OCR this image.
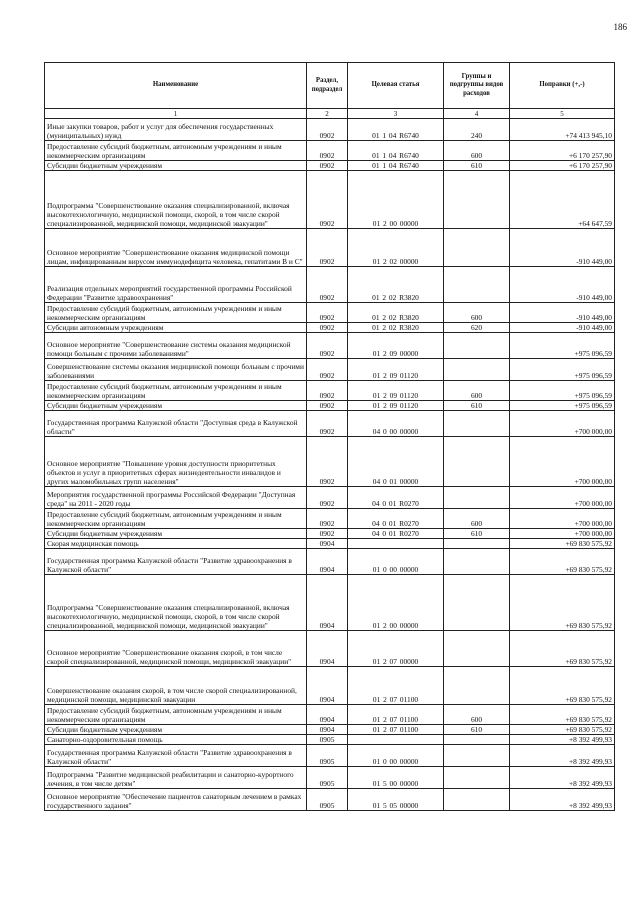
186
Наименование	Раздел, подраздел	Целевая статья	Группы и подгруппы видов расходов	Поправки (+,-)
1	2	3	4	5
Иные закупки товаров, работ и услуг для обеспечения государственных (муниципальных) нужд	0902	01 1 04 R6740	240	+74 413 945,10
Предоставление субсидий бюджетным, автономным учреждениям и иным некоммерческим организациям	0902	01 1 04 R6740	600	+6 170 257,90
Субсидии бюджетным учреждениям	0902	01 1 04 R6740	610	+6 170 257,90
Подпрограмма "Совершенствование оказания специализированной, включая высокотехнологичную, медицинской помощи, скорой, в том числе скорой специализированной, медицинской помощи, медицинской эвакуации"	0902	01 2 00 00000		+64 647,59
Основное мероприятие "Совершенствование оказания медицинской помощи лицам, инфицированным вирусом иммунодефицита человека, гепатитами B и C"	0902	01 2 02 00000		-910 449,00
Реализация отдельных мероприятий государственной программы Российской Федерации "Развитие здравоохранения"	0902	01 2 02 R3820		-910 449,00
Предоставление субсидий бюджетным, автономным учреждениям и иным некоммерческим организациям	0902	01 2 02 R3820	600	-910 449,00
Субсидии автономным учреждениям	0902	01 2 02 R3820	620	-910 449,00
Основное мероприятие "Совершенствование системы оказания медицинской помощи больным с прочими заболеваниями"	0902	01 2 09 00000		+975 096,59
Совершенствование системы оказания медицинской помощи больным с прочими заболеваниями	0902	01 2 09 01120		+975 096,59
Предоставление субсидий бюджетным, автономным учреждениям и иным некоммерческим организациям	0902	01 2 09 01120	600	+975 096,59
Субсидии бюджетным учреждениям	0902	01 2 09 01120	610	+975 096,59
Государственная программа Калужской области "Доступная среда в Калужской области"	0902	04 0 00 00000		+700 000,00
Основное мероприятие "Повышение уровня доступности приоритетных объектов и услуг в приоритетных сферах жизнедеятельности инвалидов и других маломобильных групп населения"	0902	04 0 01 00000		+700 000,00
Мероприятия государственной программы Российской Федерации "Доступная среда" на 2011 - 2020 годы	0902	04 0 01 R0270		+700 000,00
Предоставление субсидий бюджетным, автономным учреждениям и иным некоммерческим организациям	0902	04 0 01 R0270	600	+700 000,00
Субсидии бюджетным учреждениям	0902	04 0 01 R0270	610	+700 000,00
Скорая медицинская помощь	0904			+69 830 575,92
Государственная программа Калужской области "Развитие здравоохранения в Калужской области"	0904	01 0 00 00000		+69 830 575,92
Подпрограмма "Совершенствование оказания специализированной, включая высокотехнологичную, медицинской помощи, скорой, в том числе скорой специализированной, медицинской помощи, медицинской эвакуации"	0904	01 2 00 00000		+69 830 575,92
Основное мероприятие "Совершенствование оказания скорой, в том числе скорой специализированной, медицинской помощи, медицинской эвакуации"	0904	01 2 07 00000		+69 830 575,92
Совершенствование оказания скорой, в том числе скорой специализированной, медицинской помощи, медицинской эвакуации	0904	01 2 07 01100		+69 830 575,92
Предоставление субсидий бюджетным, автономным учреждениям и иным некоммерческим организациям	0904	01 2 07 01100	600	+69 830 575,92
Субсидии бюджетным учреждениям	0904	01 2 07 01100	610	+69 830 575,92
Санаторно-оздоровительная помощь	0905			+8 392 499,93
Государственная программа Калужской области "Развитие здравоохранения в Калужской области"	0905	01 0 00 00000		+8 392 499,93
Подпрограмма "Развитие медицинской реабилитации и санаторно-курортного лечения, в том числе детям"	0905	01 5 00 00000		+8 392 499,93
Основное мероприятие "Обеспечение пациентов санаторным лечением в рамках государственного задания"	0905	01 5 05 00000		+8 392 499,93
